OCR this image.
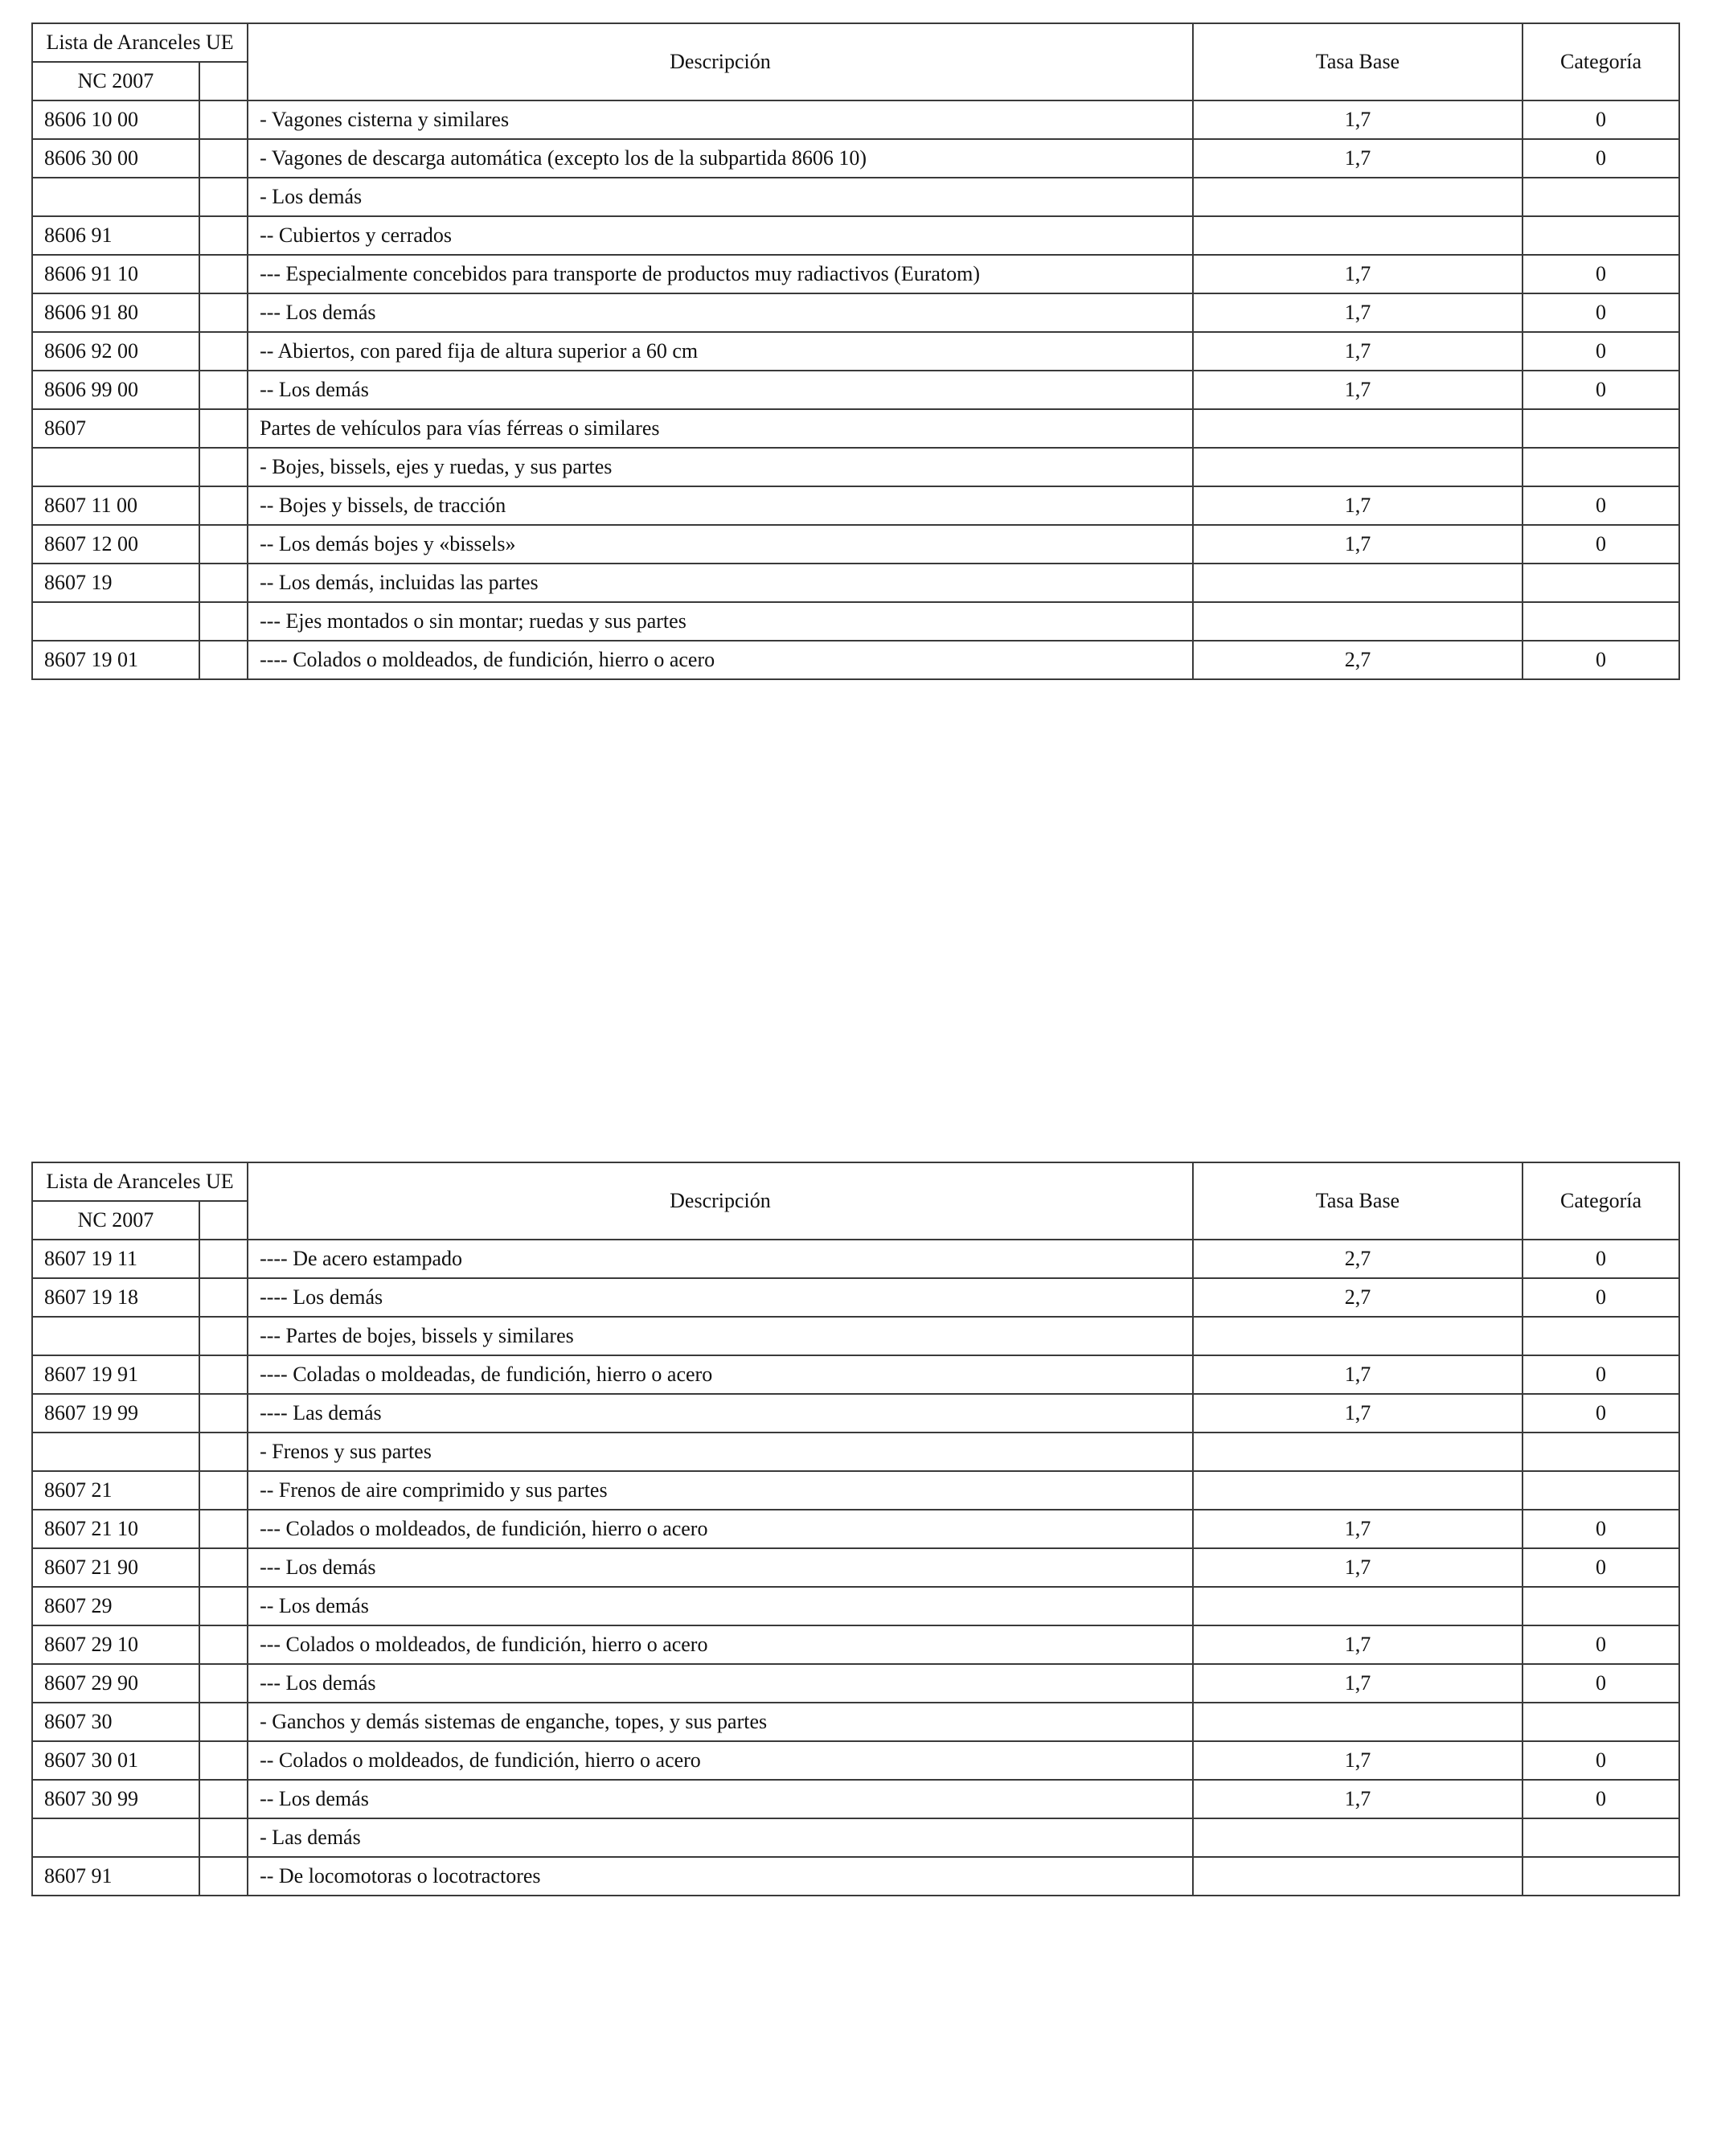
Lista de Aranceles UE		Descripción	Tasa Base	Categoría
NC 2007				
8606 10 00		- Vagones cisterna y similares	1,7	0
8606 30 00		- Vagones de descarga automática (excepto los de la subpartida 8606 10)	1,7	0
		- Los demás		
8606 91		-- Cubiertos y cerrados		
8606 91 10		--- Especialmente concebidos para transporte de productos muy radiactivos (Euratom)	1,7	0
8606 91 80		--- Los demás	1,7	0
8606 92 00		-- Abiertos, con pared fija de altura superior a 60 cm	1,7	0
8606 99 00		-- Los demás	1,7	0
8607		Partes de vehículos para vías férreas o similares		
		- Bojes, bissels, ejes y ruedas, y sus partes		
8607 11 00		-- Bojes y bissels, de tracción	1,7	0
8607 12 00		-- Los demás bojes y «bissels»	1,7	0
8607 19		-- Los demás, incluidas las partes		
		--- Ejes montados o sin montar; ruedas y sus partes		
8607 19 01		---- Colados o moldeados, de fundición, hierro o acero	2,7	0
Lista de Aranceles UE		Descripción	Tasa Base	Categoría
NC 2007				
8607 19 11		---- De acero estampado	2,7	0
8607 19 18		---- Los demás	2,7	0
		--- Partes de bojes, bissels y similares		
8607 19 91		---- Coladas o moldeadas, de fundición, hierro o acero	1,7	0
8607 19 99		---- Las demás	1,7	0
		- Frenos y sus partes		
8607 21		-- Frenos de aire comprimido y sus partes		
8607 21 10		--- Colados o moldeados, de fundición, hierro o acero	1,7	0
8607 21 90		--- Los demás	1,7	0
8607 29		-- Los demás		
8607 29 10		--- Colados o moldeados, de fundición, hierro o acero	1,7	0
8607 29 90		--- Los demás	1,7	0
8607 30		- Ganchos y demás sistemas de enganche, topes, y sus partes		
8607 30 01		-- Colados o moldeados, de fundición, hierro o acero	1,7	0
8607 30 99		-- Los demás	1,7	0
		- Las demás		
8607 91		-- De locomotoras o locotractores		
